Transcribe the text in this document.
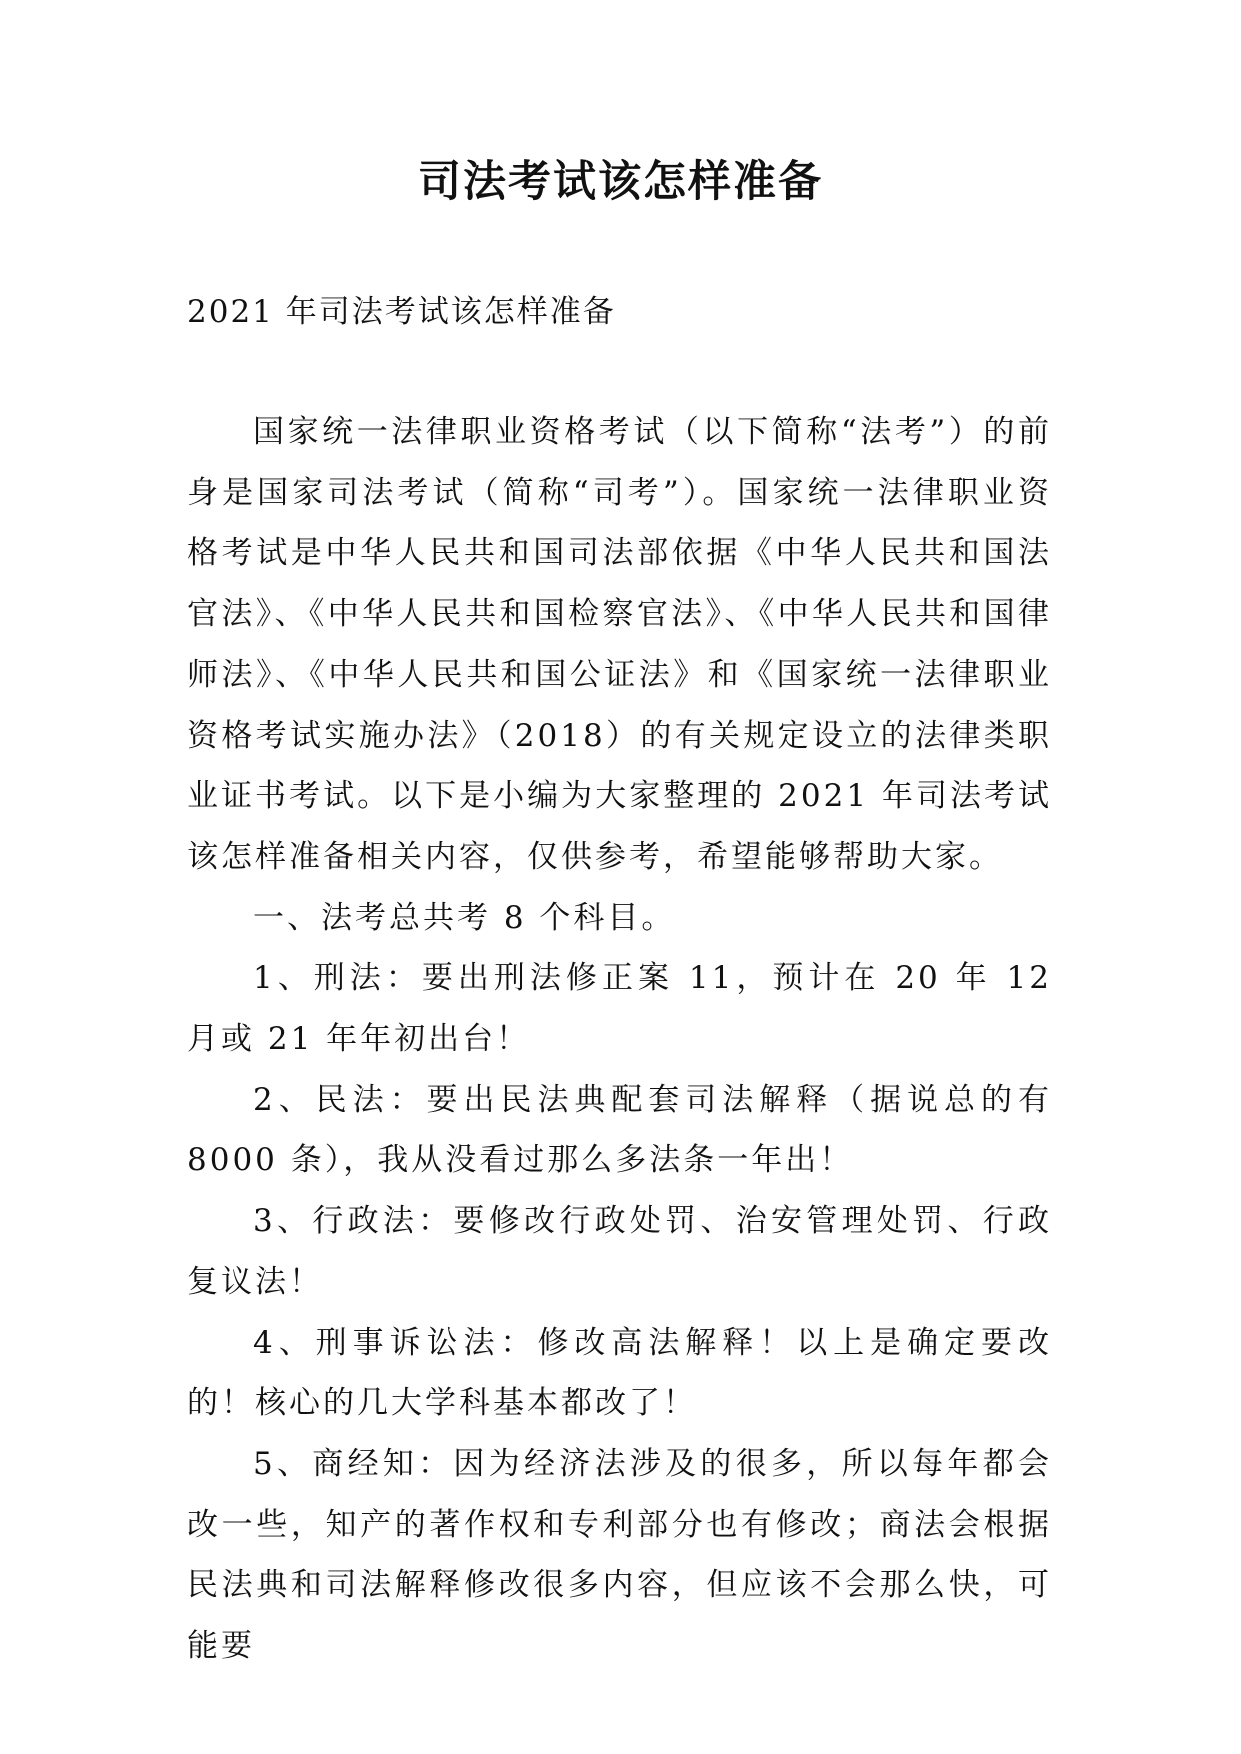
司法考试该怎样准备
2021 年司法考试该怎样准备

国家统一法律职业资格考试（以下简称“法考”）的前身是国家司法考试（简称“司考”）。国家统一法律职业资格考试是中华人民共和国司法部依据《中华人民共和国法官法》、《中华人民共和国检察官法》、《中华人民共和国律师法》、《中华人民共和国公证法》和《国家统一法律职业资格考试实施办法》（2018）的有关规定设立的法律类职业证书考试。以下是小编为大家整理的 2021 年司法考试该怎样准备相关内容，仅供参考，希望能够帮助大家。

一、法考总共考 8 个科目。

1、刑法：要出刑法修正案 11，预计在 20 年 12 月或 21 年年初出台！

2、民法：要出民法典配套司法解释（据说总的有 8000 条），我从没看过那么多法条一年出！

3、行政法：要修改行政处罚、治安管理处罚、行政复议法！

4、刑事诉讼法：修改高法解释！以上是确定要改的！核心的几大学科基本都改了！

5、商经知：因为经济法涉及的很多，所以每年都会改一些，知产的著作权和专利部分也有修改；商法会根据民法典和司法解释修改很多内容，但应该不会那么快，可能要
